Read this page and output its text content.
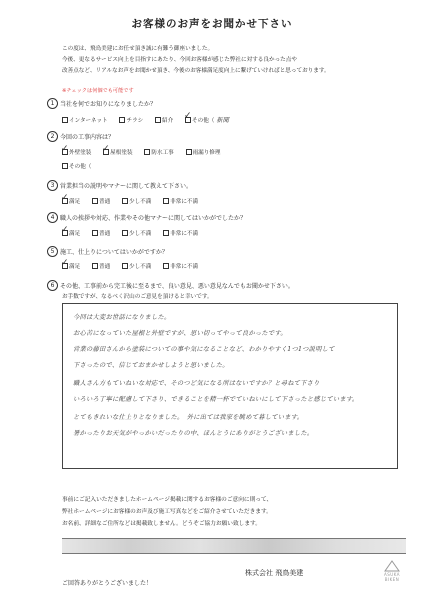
お客様のお声をお聞かせ下さい
この度は、飛鳥美建にお任せ頂き誠に有難う御座いました。
今後、更なるサービス向上を目指すにあたり、今回お客様が感じた弊社に対する良かった点や
改善点など、リアルなお声をお聞かせ頂き、今後のお客様満足度向上に繋げていければと思っております。
※チェックは何個でも可能です
1 当社を何でお知りになりましたか？
インターネット	チラシ	紹介 ✓ その他（ 新聞
2 今回の工事内容は？
✓ 外壁塗装 ✓ 屋根塗装	防水工事	雨漏り修理
その他（
3 営業担当の説明やマナーに関して教えて下さい。
✓ 満足	普通	少し不満	非常に不満
4 職人の挨拶や対応、作業やその他マナーに関してはいかがでしたか？
✓ 満足	普通	少し不満	非常に不満
5 施工、仕上りについてはいかがですか？
✓ 満足	普通	少し不満	非常に不満
6 その他、工事前から完工後に至るまで、良い意見、悪い意見なんでもお聞かせ下さい。
お手数ですが、なるべく沢山のご意見を頂けると幸いです。
今回は大変お世話になりました。
お心苦になっていた屋根と外壁ですが、思い切ってやって良かったです。
営業の藤田さんから塗装についての事や気になることなど、わかりやすく1つ1つ説明して
下さったので、信じておまかせしようと思いました。
職人さん方もていねいな対応で、そのつど気になる所はないですか？と尋ねて下さり
いろいろ丁寧に配慮して下さり、できることを精一杯でていねいにして下さったと感じています。
とてもきれいな仕上りとなりました。　外に出ては我家を眺めて暮しています。
暑かったりお天気がやっかいだったりの中、ほんとうにありがとうございました。
事前にご記入いただきましたホームページ掲載に関するお客様のご意向に則って、
弊社ホームページにお客様のお声及び施工写真などをご紹介させていただきます。
お名前、詳細なご住所などは掲載致しません。どうぞご協力お願い致します。
ご回答ありがとうございました！
株式会社 飛鳥美建	ASUKA
BIKEN
